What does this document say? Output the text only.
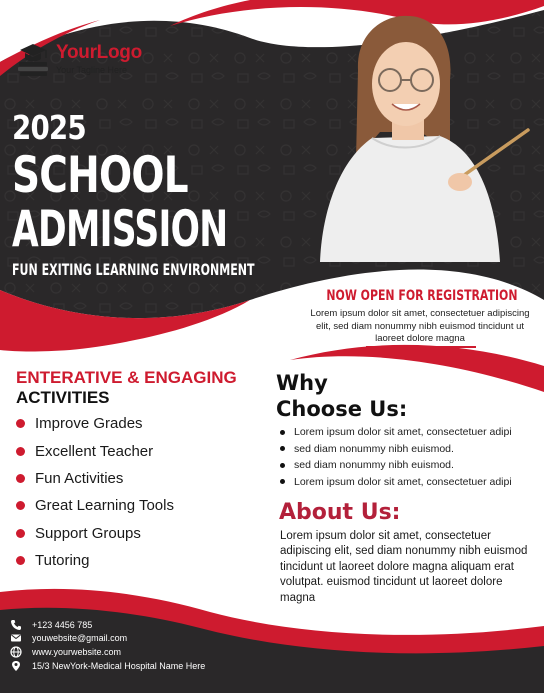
YourLogo
Your Tagline Here
2025
SCHOOL
ADMISSION
FUN EXITING LEARNING ENVIRONMENT
NOW OPEN FOR REGISTRATION
Lorem ipsum dolor sit amet, consectetuer adipiscing elit, sed diam nonummy nibh euismod tincidunt ut laoreet dolore magna
ENTERATIVE & ENGAGING
ACTIVITIES
Improve Grades
Excellent Teacher
Fun Activities
Great Learning Tools
Support Groups
Tutoring
Why Choose Us:
Lorem ipsum dolor sit amet, consectetuer adipi
sed diam nonummy nibh euismod.
sed diam nonummy nibh euismod.
Lorem ipsum dolor sit amet, consectetuer adipi
About Us:
Lorem ipsum dolor sit amet, consectetuer adipiscing elit, sed diam nonummy nibh euismod tincidunt ut laoreet dolore magna aliquam erat volutpat. euismod tincidunt ut laoreet dolore magna
+123 4456 785
youwebsite@gmail.com
www.yourwebsite.com
15/3 NewYork-Medical Hospital Name Here
